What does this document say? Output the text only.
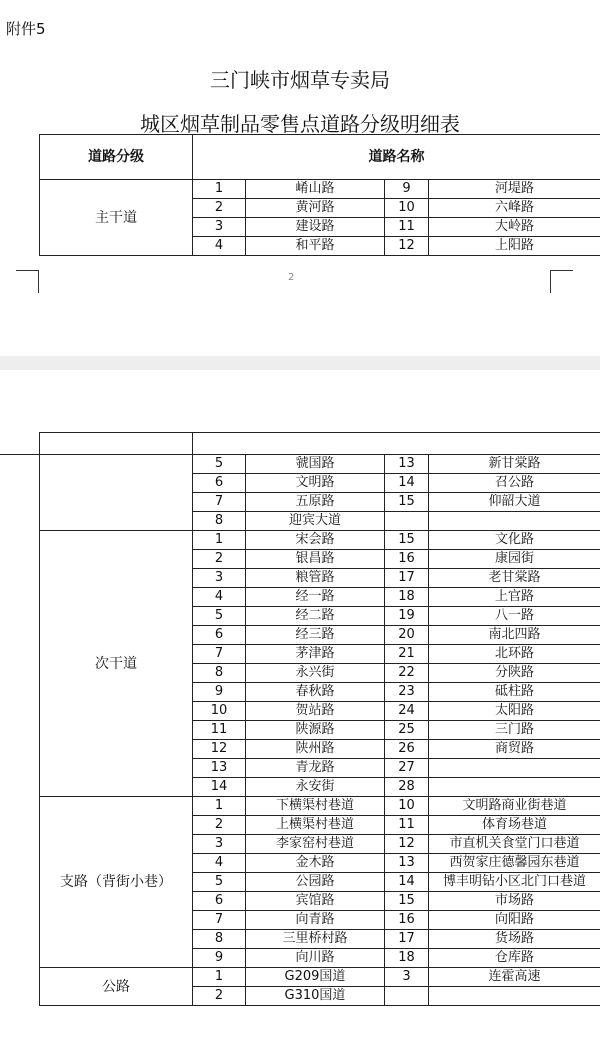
附件5
三门峡市烟草专卖局
城区烟草制品零售点道路分级明细表
道路分级	道路名称			
主干道	1	崤山路	9	河堤路
	2	黄河路	10	六峰路
	3	建设路	11	大岭路
	4	和平路	12	上阳路
2
	5	虢国路	13	新甘棠路
	6	文明路	14	召公路
	7	五原路	15	仰韶大道
	8	迎宾大道		
次干道	1	宋会路	15	文化路
	2	银昌路	16	康园街
	3	粮管路	17	老甘棠路
	4	经一路	18	上官路
	5	经二路	19	八一路
	6	经三路	20	南北四路
	7	茅津路	21	北环路
	8	永兴街	22	分陕路
	9	春秋路	23	砥柱路
	10	贺站路	24	太阳路
	11	陕源路	25	三门路
	12	陕州路	26	商贸路
	13	青龙路	27	
	14	永安街	28	
支路（背街小巷）	1	下横渠村巷道	10	文明路商业街巷道
	2	上横渠村巷道	11	体育场巷道
	3	李家窑村巷道	12	市直机关食堂门口巷道
	4	金木路	13	西贺家庄德馨园东巷道
	5	公园路	14	博丰明钻小区北门口巷道
	6	宾馆路	15	市场路
	7	向青路	16	向阳路
	8	三里桥村路	17	货场路
	9	向川路	18	仓库路
公路	1	G209国道	3	连霍高速
	2	G310国道		
